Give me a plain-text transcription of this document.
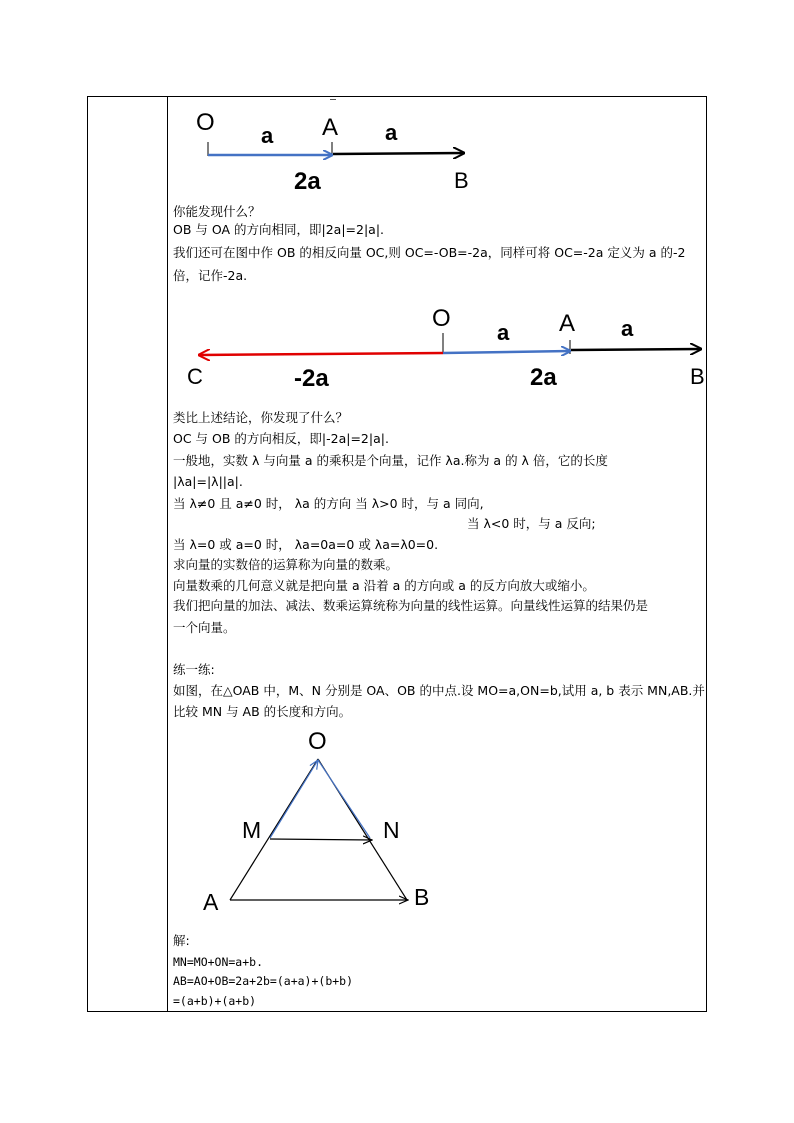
O	A
B
a	a
2a
O	A
B
C
a	a
-2a	2a
O
M	N
A	B
你能发现什么？
OB 与 OA 的方向相同，即|2a|=2|a|.
我们还可在图中作 OB 的相反向量 OC,则 OC=-OB=-2a，同样可将 OC=-2a 定义为 a 的-2
倍，记作-2a.
类比上述结论，你发现了什么？
OC 与 OB 的方向相反，即|-2a|=2|a|.
一般地，实数 λ 与向量 a 的乘积是个向量，记作 λa.称为 a 的 λ 倍，它的长度
|λa|=|λ||a|.
当 λ≠0 且 a≠0 时， λa 的方向 当 λ>0 时，与 a 同向,
当 λ<0 时，与 a 反向;
当 λ=0 或 a=0 时， λa=0a=0 或 λa=λ0=0.
求向量的实数倍的运算称为向量的数乘。
向量数乘的几何意义就是把向量 a 沿着 a 的方向或 a 的反方向放大或缩小。
我们把向量的加法、减法、数乘运算统称为向量的线性运算。向量线性运算的结果仍是
一个向量。
练一练:
如图，在△OAB 中，M、N 分别是 OA、OB 的中点.设 MO=a,ON=b,试用 a, b 表示 MN,AB.并
比较 MN 与 AB 的长度和方向。
解:
MN=MO+ON=a+b.
AB=AO+OB=2a+2b=(a+a)+(b+b)
=(a+b)+(a+b)
